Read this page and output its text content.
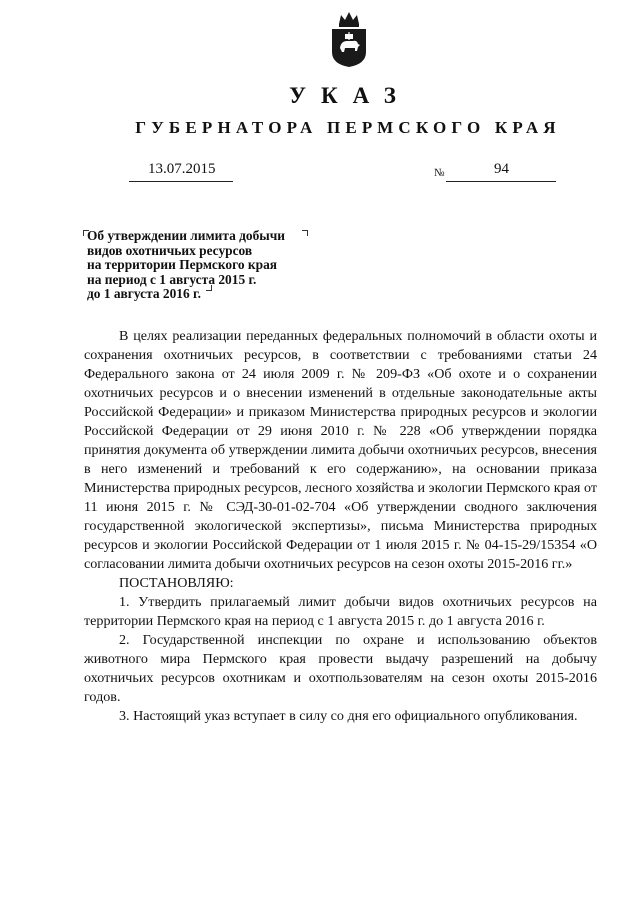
УКАЗ
ГУБЕРНАТОРА ПЕРМСКОГО КРАЯ
13.07.2015	№	94
Об утверждении лимита добычи
видов охотничьих ресурсов
на территории Пермского края
на период с 1 августа 2015 г.
до 1 августа 2016 г.

В целях реализации переданных федеральных полномочий в области охоты и сохранения охотничьих ресурсов, в соответствии с требованиями статьи 24 Федерального закона от 24 июля 2009 г. № 209-ФЗ «Об охоте и о сохранении охотничьих ресурсов и о внесении изменений в отдельные законодательные акты Российской Федерации» и приказом Министерства природных ресурсов и экологии Российской Федерации от 29 июня 2010 г. № 228 «Об утверждении порядка принятия документа об утверждении лимита добычи охотничьих ресурсов, внесения в него изменений и требований к его содержанию», на основании приказа Министерства природных ресурсов, лесного хозяйства и экологии Пермского края от 11 июня 2015 г. № СЭД-30-01-02-704 «Об утверждении сводного заключения государственной экологической экспертизы», письма Министерства природных ресурсов и экологии Российской Федерации от 1 июля 2015 г. № 04-15-29/15354 «О согласовании лимита добычи охотничьих ресурсов на сезон охоты 2015-2016 гг.»

ПОСТАНОВЛЯЮ:

1. Утвердить прилагаемый лимит добычи видов охотничьих ресурсов на территории Пермского края на период с 1 августа 2015 г. до 1 августа 2016 г.

2. Государственной инспекции по охране и использованию объектов животного мира Пермского края провести выдачу разрешений на добычу охотничьих ресурсов охотникам и охотпользователям на сезон охоты 2015-2016 годов.

3. Настоящий указ вступает в силу со дня его официального опубликования.
